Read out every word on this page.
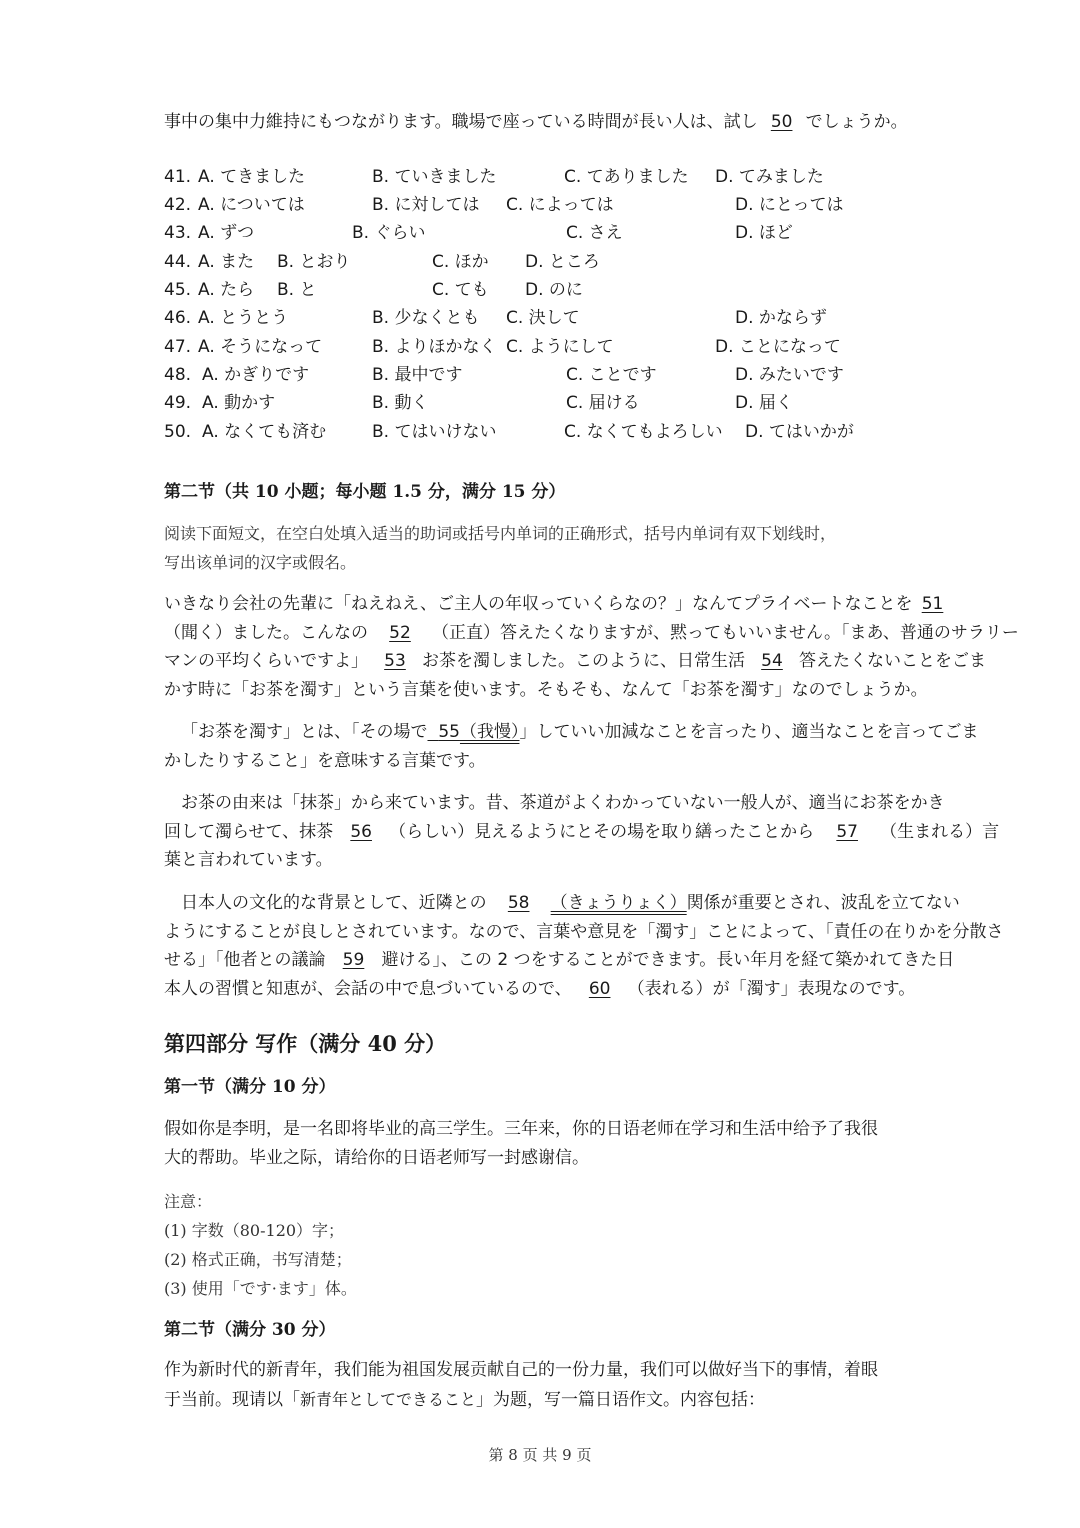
事中の集中力維持にもつながります。職場で座っている時間が長い人は、試し 50 でしょうか。
41. A. てきました	B. ていきました	C. てありました D. てみました
42. A. については	B. に対しては C. によっては	D. にとっては
43. A. ずつ	B. ぐらい	C. さえ	D. ほど
44. A. また B. とおり	C. ほか D. ところ
45. A. たら B. と	C. ても D. のに
46. A. とうとう	B. 少なくとも C. 決して	D. かならず
47. A. そうになって	B. よりほかなく C. ようにして	D. ことになって
48. A. かぎりです	B. 最中です	C. ことです	D. みたいです
49. A. 動かす	B. 動く	C. 届ける	D. 届く
50. A. なくても済む	B. てはいけない	C. なくてもよろしい D. てはいかが
第二节（共 10 小题；每小题 1.5 分，满分 15 分）
阅读下面短文，在空白处填入适当的助词或括号内单词的正确形式，括号内单词有双下划线时，
写出该单词的汉字或假名。
いきなり会社の先輩に「ねえねえ、ご主人の年収っていくらなの？」なんてプライベートなことを 51
（聞く）ました。こんなの 52 （正直）答えたくなりますが、黙ってもいいません。「まあ、普通のサラリー
マンの平均くらいですよ」 53 お茶を濁しました。このように、日常生活 54 答えたくないことをごま
かす時に「お茶を濁す」という言葉を使います。そもそも、なんて「お茶を濁す」なのでしょうか。
「お茶を濁す」とは、「その場で 55（我慢）」していい加減なことを言ったり、適当なことを言ってごま
かしたりすること」を意味する言葉です。
お茶の由来は「抹茶」から来ています。昔、茶道がよくわかっていない一般人が、適当にお茶をかき
回して濁らせて、抹茶 56 （らしい）見えるようにとその場を取り繕ったことから 57 （生まれる）言
葉と言われています。
日本人の文化的な背景として、近隣との 58 （きょうりょく）関係が重要とされ、波乱を立てない
ようにすることが良しとされています。なので、言葉や意見を「濁す」ことによって、「責任の在りかを分散さ
せる」「他者との議論 59 避ける」、この 2 つをすることができます。長い年月を経て築かれてきた日
本人の習慣と知恵が、会話の中で息づいているので、 60 （表れる）が「濁す」表現なのです。
第四部分 写作（满分 40 分）
第一节（满分 10 分）
假如你是李明，是一名即将毕业的高三学生。三年来，你的日语老师在学习和生活中给予了我很
大的帮助。毕业之际，请给你的日语老师写一封感谢信。
注意：
(1) 字数（80-120）字；
(2) 格式正确，书写清楚；
(3) 使用「です·ます」体。
第二节（满分 30 分）
作为新时代的新青年，我们能为祖国发展贡献自己的一份力量，我们可以做好当下的事情，着眼
于当前。现请以「新青年としてできること」为题，写一篇日语作文。内容包括：
第 8 页 共 9 页
